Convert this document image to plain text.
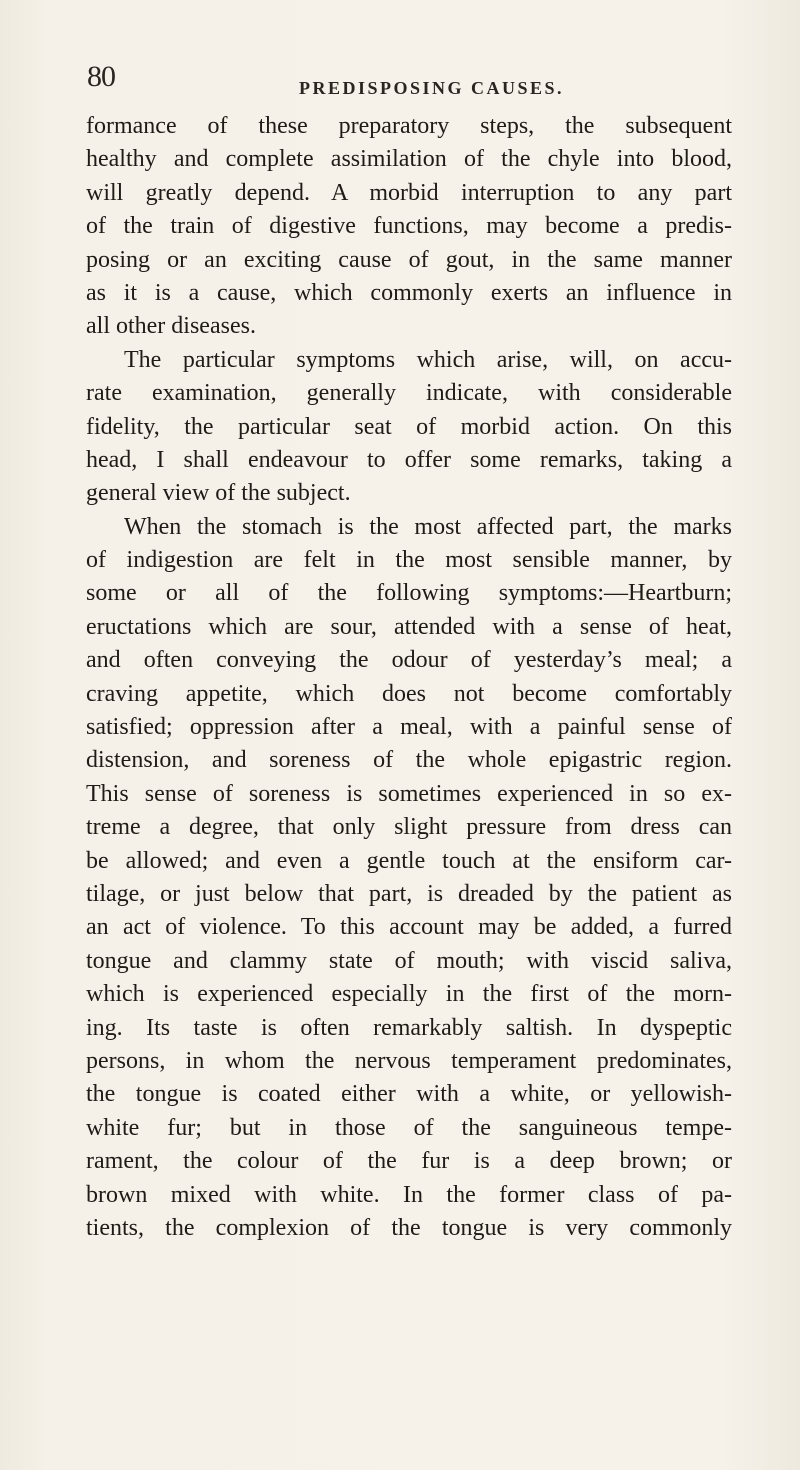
80	PREDISPOSING CAUSES.
formance of these preparatory steps, the subsequent
healthy and complete assimilation of the chyle into blood,
will greatly depend. A morbid interruption to any part
of the train of digestive functions, may become a predis-
posing or an exciting cause of gout, in the same manner
as it is a cause, which commonly exerts an influence in
all other diseases.
The particular symptoms which arise, will, on accu-
rate examination, generally indicate, with considerable
fidelity, the particular seat of morbid action. On this
head, I shall endeavour to offer some remarks, taking a
general view of the subject.
When the stomach is the most affected part, the marks
of indigestion are felt in the most sensible manner, by
some or all of the following symptoms:—Heartburn;
eructations which are sour, attended with a sense of heat,
and often conveying the odour of yesterday’s meal; a
craving appetite, which does not become comfortably
satisfied; oppression after a meal, with a painful sense of
distension, and soreness of the whole epigastric region.
This sense of soreness is sometimes experienced in so ex-
treme a degree, that only slight pressure from dress can
be allowed; and even a gentle touch at the ensiform car-
tilage, or just below that part, is dreaded by the patient as
an act of violence. To this account may be added, a furred
tongue and clammy state of mouth; with viscid saliva,
which is experienced especially in the first of the morn-
ing. Its taste is often remarkably saltish. In dyspeptic
persons, in whom the nervous temperament predominates,
the tongue is coated either with a white, or yellowish-
white fur; but in those of the sanguineous tempe-
rament, the colour of the fur is a deep brown; or
brown mixed with white. In the former class of pa-
tients, the complexion of the tongue is very commonly
